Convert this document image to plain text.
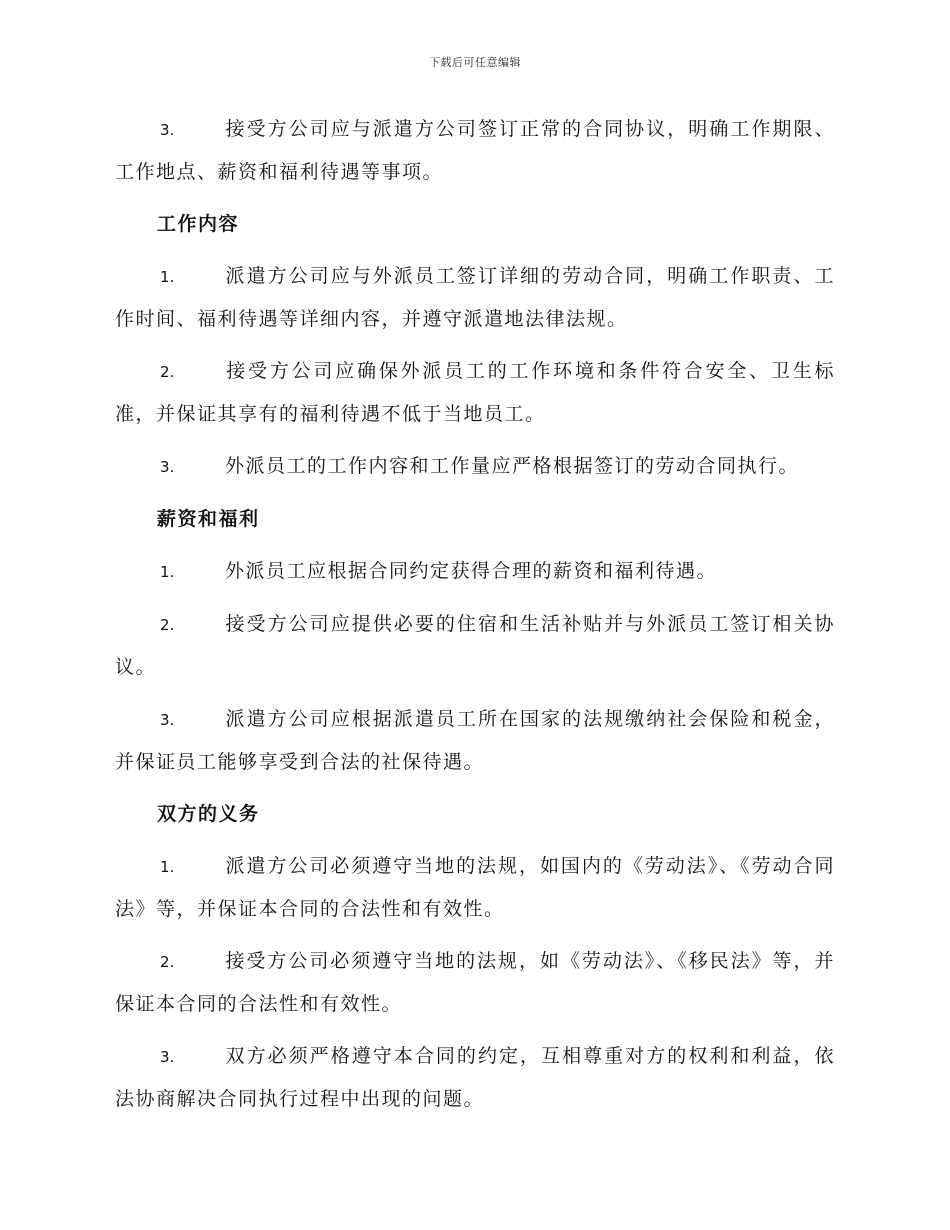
下载后可任意编辑

3.	接受方公司应与派遣方公司签订正常的合同协议，明确工作期限、工作地点、薪资和福利待遇等事项。

工作内容

1.	派遣方公司应与外派员工签订详细的劳动合同，明确工作职责、工作时间、福利待遇等详细内容，并遵守派遣地法律法规。

2.	接受方公司应确保外派员工的工作环境和条件符合安全、卫生标准，并保证其享有的福利待遇不低于当地员工。

3.	外派员工的工作内容和工作量应严格根据签订的劳动合同执行。

薪资和福利

1.	外派员工应根据合同约定获得合理的薪资和福利待遇。

2.	接受方公司应提供必要的住宿和生活补贴并与外派员工签订相关协议。

3.	派遣方公司应根据派遣员工所在国家的法规缴纳社会保险和税金，并保证员工能够享受到合法的社保待遇。

双方的义务

1.	派遣方公司必须遵守当地的法规，如国内的《劳动法》、《劳动合同法》等，并保证本合同的合法性和有效性。

2.	接受方公司必须遵守当地的法规，如《劳动法》、《移民法》等，并保证本合同的合法性和有效性。

3.	双方必须严格遵守本合同的约定，互相尊重对方的权利和利益，依法协商解决合同执行过程中出现的问题。
